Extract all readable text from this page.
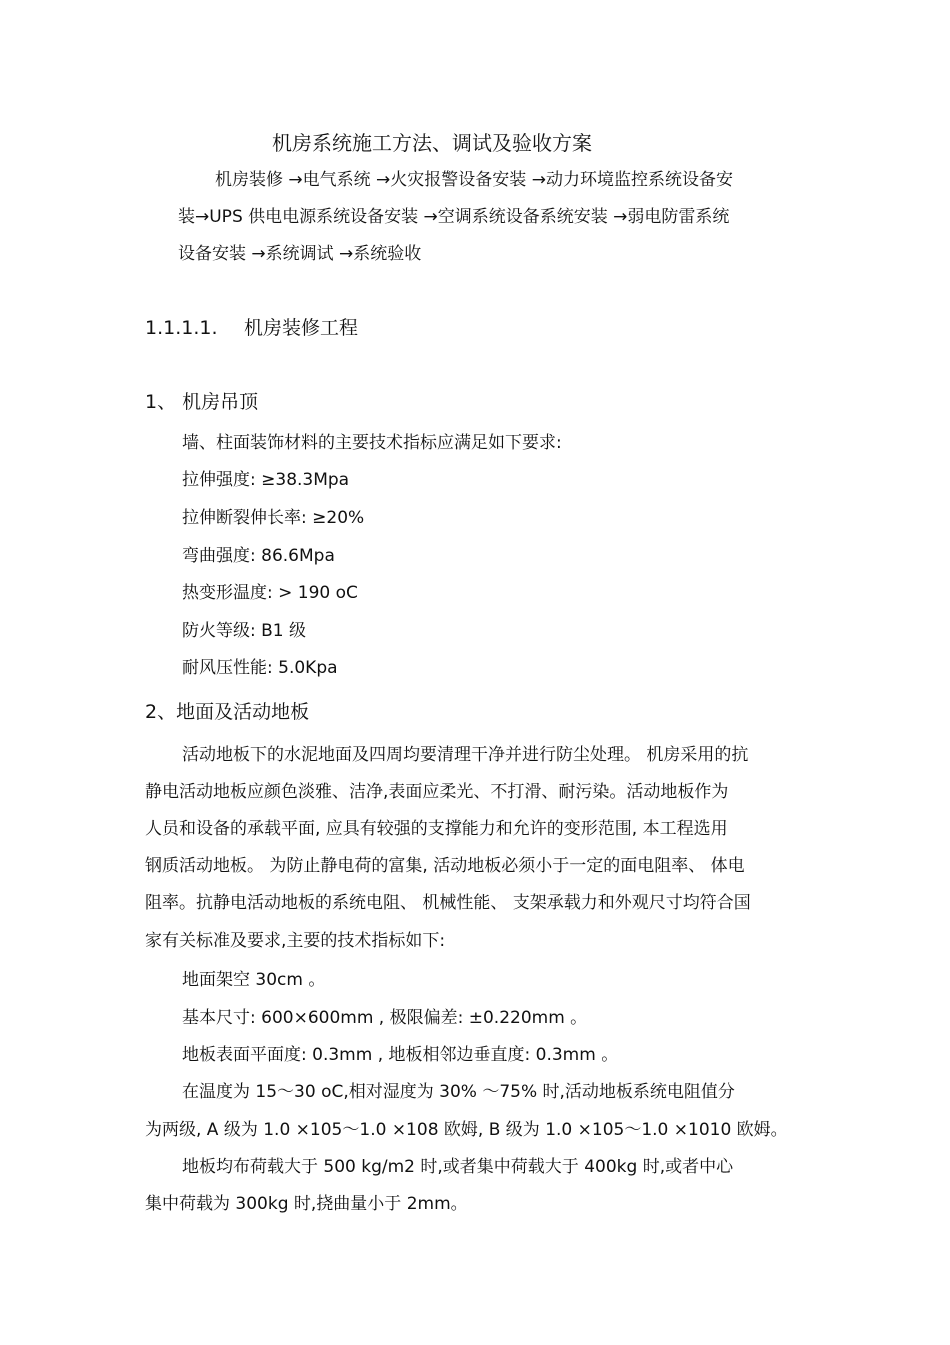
机房系统施工方法、调试及验收方案
机房装修 →电气系统 →火灾报警设备安装 →动力环境监控系统设备安
装→UPS 供电电源系统设备安装 →空调系统设备系统安装 →弱电防雷系统
设备安装 →系统调试 →系统验收
1.1.1.1. 机房装修工程
1、 机房吊顶
墙、柱面装饰材料的主要技术指标应满足如下要求:
拉伸强度: ≥38.3Mpa
拉伸断裂伸长率: ≥20%
弯曲强度: 86.6Mpa
热变形温度: > 190 oC
防火等级: B1 级
耐风压性能: 5.0Kpa
2、地面及活动地板
活动地板下的水泥地面及四周均要清理干净并进行防尘处理。 机房采用的抗
静电活动地板应颜色淡雅、洁净,表面应柔光、不打滑、耐污染。活动地板作为
人员和设备的承载平面, 应具有较强的支撑能力和允许的变形范围, 本工程选用
钢质活动地板。 为防止静电荷的富集, 活动地板必须小于一定的面电阻率、 体电
阻率。抗静电活动地板的系统电阻、 机械性能、 支架承载力和外观尺寸均符合国
家有关标准及要求,主要的技术指标如下:
地面架空 30cm 。
基本尺寸: 600×600mm , 极限偏差: ±0.220mm 。
地板表面平面度: 0.3mm , 地板相邻边垂直度: 0.3mm 。
在温度为 15～30 oC,相对湿度为 30% ～75% 时,活动地板系统电阻值分
为两级, A 级为 1.0 ×105～1.0 ×108 欧姆, B 级为 1.0 ×105～1.0 ×1010 欧姆。
地板均布荷载大于 500 kg/m2 时,或者集中荷载大于 400kg 时,或者中心
集中荷载为 300kg 时,挠曲量小于 2mm。
